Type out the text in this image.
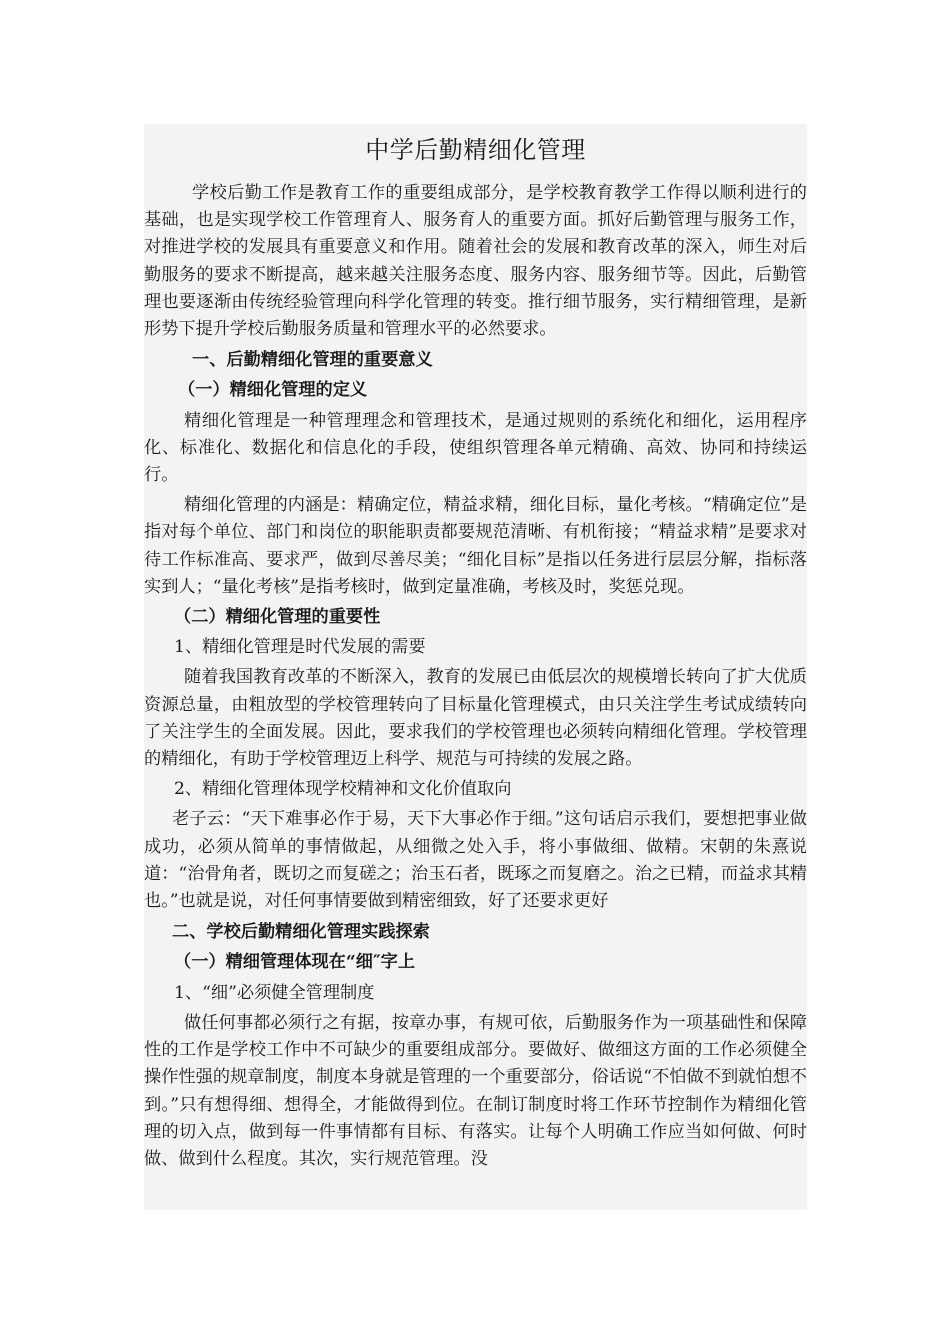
中学后勤精细化管理

学校后勤工作是教育工作的重要组成部分，是学校教育教学工作得以顺利进行的基础，也是实现学校工作管理育人、服务育人的重要方面。抓好后勤管理与服务工作，对推进学校的发展具有重要意义和作用。随着社会的发展和教育改革的深入，师生对后勤服务的要求不断提高，越来越关注服务态度、服务内容、服务细节等。因此，后勤管理也要逐渐由传统经验管理向科学化管理的转变。推行细节服务，实行精细管理，是新形势下提升学校后勤服务质量和管理水平的必然要求。

一、后勤精细化管理的重要意义

（一）精细化管理的定义

精细化管理是一种管理理念和管理技术，是通过规则的系统化和细化，运用程序化、标准化、数据化和信息化的手段，使组织管理各单元精确、高效、协同和持续运行。

精细化管理的内涵是：精确定位，精益求精，细化目标，量化考核。“精确定位”是指对每个单位、部门和岗位的职能职责都要规范清晰、有机衔接；“精益求精”是要求对待工作标准高、要求严，做到尽善尽美；“细化目标”是指以任务进行层层分解，指标落实到人；“量化考核”是指考核时，做到定量准确，考核及时，奖惩兑现。

（二）精细化管理的重要性

1、精细化管理是时代发展的需要

随着我国教育改革的不断深入，教育的发展已由低层次的规模增长转向了扩大优质资源总量，由粗放型的学校管理转向了目标量化管理模式，由只关注学生考试成绩转向了关注学生的全面发展。因此，要求我们的学校管理也必须转向精细化管理。学校管理的精细化，有助于学校管理迈上科学、规范与可持续的发展之路。

2、精细化管理体现学校精神和文化价值取向

老子云：“天下难事必作于易，天下大事必作于细。”这句话启示我们，要想把事业做成功，必须从简单的事情做起，从细微之处入手，将小事做细、做精。宋朝的朱熹说道：“治骨角者，既切之而复磋之；治玉石者，既琢之而复磨之。治之已精，而益求其精也。”也就是说，对任何事情要做到精密细致，好了还要求更好

二、学校后勤精细化管理实践探索

（一）精细管理体现在“细″字上

1、“细”必须健全管理制度

做任何事都必须行之有据，按章办事，有规可依，后勤服务作为一项基础性和保障性的工作是学校工作中不可缺少的重要组成部分。要做好、做细这方面的工作必须健全操作性强的规章制度，制度本身就是管理的一个重要部分，俗话说“不怕做不到就怕想不到。”只有想得细、想得全，才能做得到位。在制订制度时将工作环节控制作为精细化管理的切入点，做到每一件事情都有目标、有落实。让每个人明确工作应当如何做、何时做、做到什么程度。其次，实行规范管理。没
